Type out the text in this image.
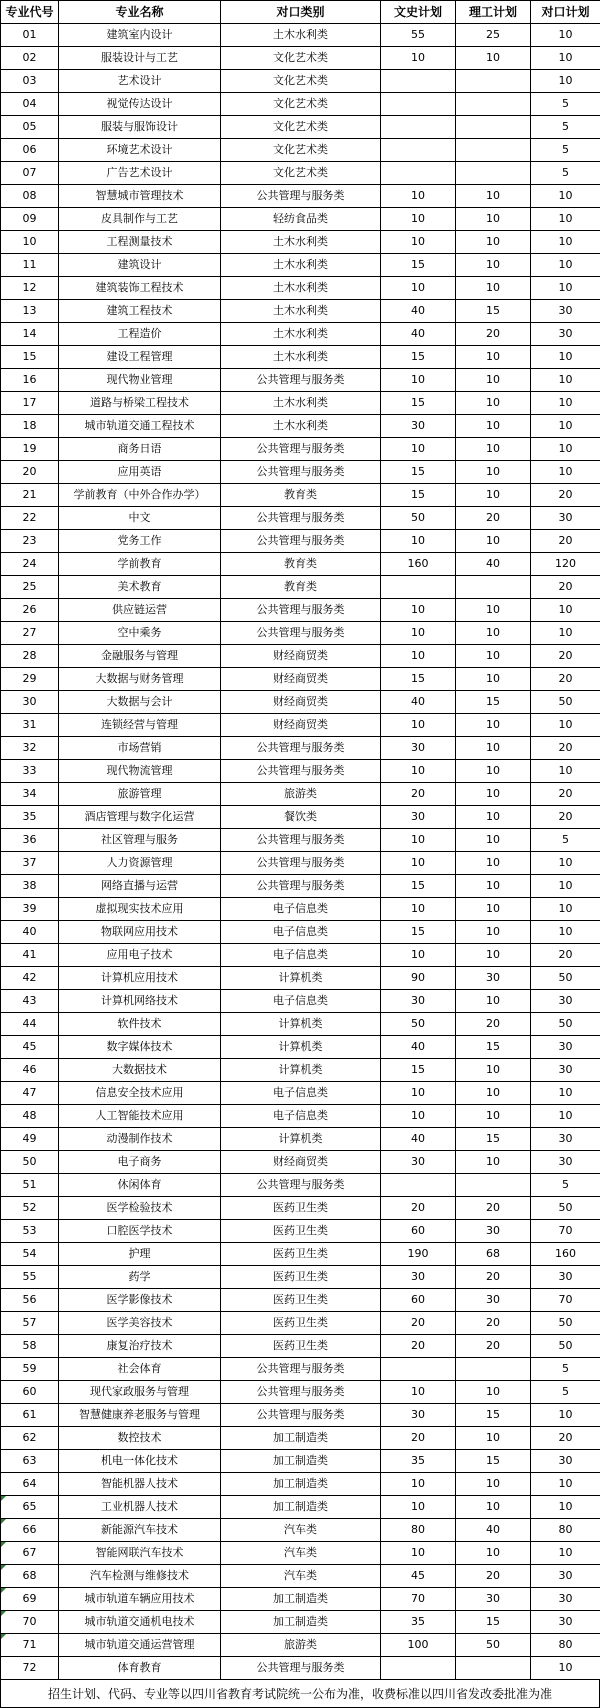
专业代号	专业名称	对口类别	文史计划	理工计划	对口计划
01	建筑室内设计	土木水利类	55	25	10
02	服装设计与工艺	文化艺术类	10	10	10
03	艺术设计	文化艺术类			10
04	视觉传达设计	文化艺术类			5
05	服装与服饰设计	文化艺术类			5
06	环境艺术设计	文化艺术类			5
07	广告艺术设计	文化艺术类			5
08	智慧城市管理技术	公共管理与服务类	10	10	10
09	皮具制作与工艺	轻纺食品类	10	10	10
10	工程测量技术	土木水利类	10	10	10
11	建筑设计	土木水利类	15	10	10
12	建筑装饰工程技术	土木水利类	10	10	10
13	建筑工程技术	土木水利类	40	15	30
14	工程造价	土木水利类	40	20	30
15	建设工程管理	土木水利类	15	10	10
16	现代物业管理	公共管理与服务类	10	10	10
17	道路与桥梁工程技术	土木水利类	15	10	10
18	城市轨道交通工程技术	土木水利类	30	10	10
19	商务日语	公共管理与服务类	10	10	10
20	应用英语	公共管理与服务类	15	10	10
21	学前教育（中外合作办学）	教育类	15	10	20
22	中文	公共管理与服务类	50	20	30
23	党务工作	公共管理与服务类	10	10	20
24	学前教育	教育类	160	40	120
25	美术教育	教育类			20
26	供应链运营	公共管理与服务类	10	10	10
27	空中乘务	公共管理与服务类	10	10	10
28	金融服务与管理	财经商贸类	10	10	20
29	大数据与财务管理	财经商贸类	15	10	20
30	大数据与会计	财经商贸类	40	15	50
31	连锁经营与管理	财经商贸类	10	10	10
32	市场营销	公共管理与服务类	30	10	20
33	现代物流管理	公共管理与服务类	10	10	10
34	旅游管理	旅游类	20	10	20
35	酒店管理与数字化运营	餐饮类	30	10	20
36	社区管理与服务	公共管理与服务类	10	10	5
37	人力资源管理	公共管理与服务类	10	10	10
38	网络直播与运营	公共管理与服务类	15	10	10
39	虚拟现实技术应用	电子信息类	10	10	10
40	物联网应用技术	电子信息类	15	10	10
41	应用电子技术	电子信息类	10	10	20
42	计算机应用技术	计算机类	90	30	50
43	计算机网络技术	电子信息类	30	10	30
44	软件技术	计算机类	50	20	50
45	数字媒体技术	计算机类	40	15	30
46	大数据技术	计算机类	15	10	30
47	信息安全技术应用	电子信息类	10	10	10
48	人工智能技术应用	电子信息类	10	10	10
49	动漫制作技术	计算机类	40	15	30
50	电子商务	财经商贸类	30	10	30
51	休闲体育	公共管理与服务类			5
52	医学检验技术	医药卫生类	20	20	50
53	口腔医学技术	医药卫生类	60	30	70
54	护理	医药卫生类	190	68	160
55	药学	医药卫生类	30	20	30
56	医学影像技术	医药卫生类	60	30	70
57	医学美容技术	医药卫生类	20	20	50
58	康复治疗技术	医药卫生类	20	20	50
59	社会体育	公共管理与服务类			5
60	现代家政服务与管理	公共管理与服务类	10	10	5
61	智慧健康养老服务与管理	公共管理与服务类	30	15	10
62	数控技术	加工制造类	20	10	20
63	机电一体化技术	加工制造类	35	15	30
64	智能机器人技术	加工制造类	10	10	10
65	工业机器人技术	加工制造类	10	10	10
66	新能源汽车技术	汽车类	80	40	80
67	智能网联汽车技术	汽车类	10	10	10
68	汽车检测与维修技术	汽车类	45	20	30
69	城市轨道车辆应用技术	加工制造类	70	30	30
70	城市轨道交通机电技术	加工制造类	35	15	30
71	城市轨道交通运营管理	旅游类	100	50	80
72	体育教育	公共管理与服务类			10
招生计划、代码、专业等以四川省教育考试院统一公布为准，收费标准以四川省发改委批准为准
